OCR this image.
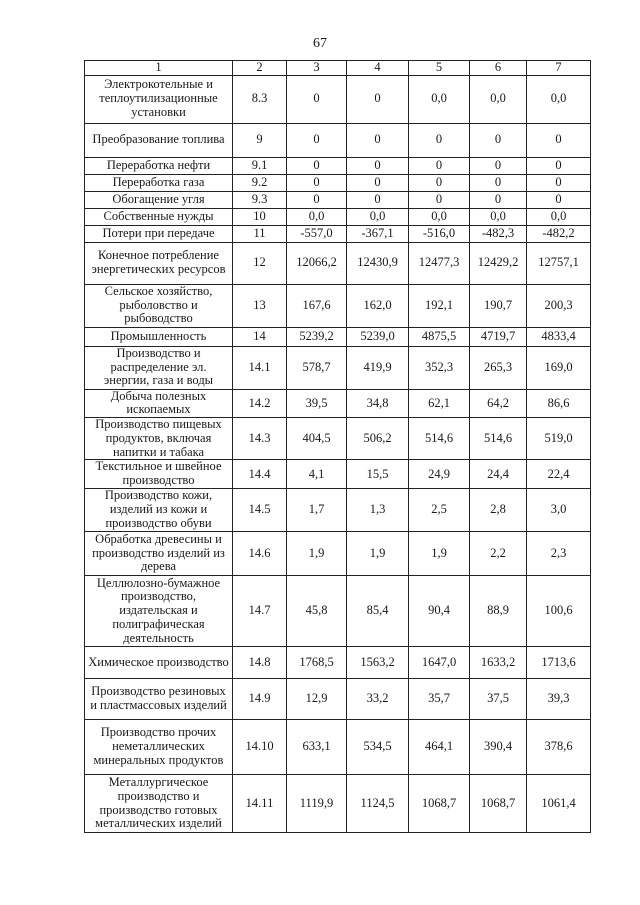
67
1	2	3	4	5	6	7
Электрокотельные и теплоутилизационные установки	8.3	0	0	0,0	0,0	0,0
Преобразование топлива	9	0	0	0	0	0
Переработка нефти	9.1	0	0	0	0	0
Переработка газа	9.2	0	0	0	0	0
Обогащение угля	9.3	0	0	0	0	0
Собственные нужды	10	0,0	0,0	0,0	0,0	0,0
Потери при передаче	11	-557,0	-367,1	-516,0	-482,3	-482,2
Конечное потребление энергетических ресурсов	12	12066,2	12430,9	12477,3	12429,2	12757,1
Сельское хозяйство, рыболовство и рыбоводство	13	167,6	162,0	192,1	190,7	200,3
Промышленность	14	5239,2	5239,0	4875,5	4719,7	4833,4
Производство и распределение эл. энергии, газа и воды	14.1	578,7	419,9	352,3	265,3	169,0
Добыча полезных ископаемых	14.2	39,5	34,8	62,1	64,2	86,6
Производство пищевых продуктов, включая напитки и табака	14.3	404,5	506,2	514,6	514,6	519,0
Текстильное и швейное производство	14.4	4,1	15,5	24,9	24,4	22,4
Производство кожи, изделий из кожи и производство обуви	14.5	1,7	1,3	2,5	2,8	3,0
Обработка древесины и производство изделий из дерева	14.6	1,9	1,9	1,9	2,2	2,3
Целлюлозно-бумажное производство, издательская и полиграфическая деятельность	14.7	45,8	85,4	90,4	88,9	100,6
Химическое производство	14.8	1768,5	1563,2	1647,0	1633,2	1713,6
Производство резиновых и пластмассовых изделий	14.9	12,9	33,2	35,7	37,5	39,3
Производство прочих неметаллических минеральных продуктов	14.10	633,1	534,5	464,1	390,4	378,6
Металлургическое производство и производство готовых металлических изделий	14.11	1119,9	1124,5	1068,7	1068,7	1061,4
